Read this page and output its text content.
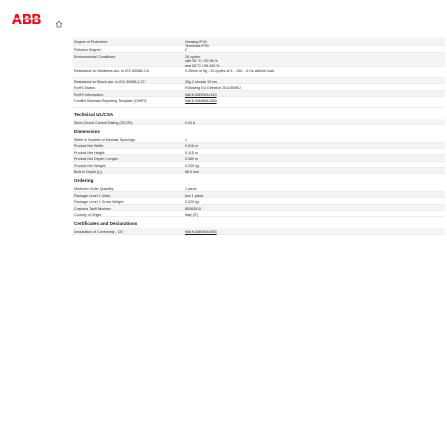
Degree of Protection:	Housing IP40
Terminals IP20
Pollution Degree:	2
Environmental Conditions:	28 cycles
with 55 °C / 90-96 %
and 25 °C / 95-100 %
Resistance to Vibrations acc. to IEC 60068-2-6:	0.35mm or 5g - 20 cycles at 5 ...150 ...5 Hz without load
Resistance to Shock acc. to IEC 60068-2-27:	30g 2 shocks 13 ms
RoHS Status:	Following EU Directive 2011/65/EU
RoHS Information:	9AKK108930A1510
Conflict Minerals Reporting Template (CMRT):	9AKK108468A3363
Technical UL/CSA
Short-Circuit Current Rating (SCCR):	0.03 A
Dimensions
Width in Number of Modular Spacings:	1
Product Net Width:	0.018 m
Product Net Height:	0.115 m
Product Net Depth / Length:	0.069 m
Product Net Weight:	0.200 kg
Built-In Depth (t₂):	68.9 mm
Ordering
Minimum Order Quantity:	1 piece
Package Level 1 Units:	box 1 piece
Package Level 1 Gross Weight:	0.220 kg
Customs Tariff Number:	85363010
Country of Origin:	Italy (IT)
Certificates and Declarations
Declaration of Conformity - CE:	9AKK108930A0053
